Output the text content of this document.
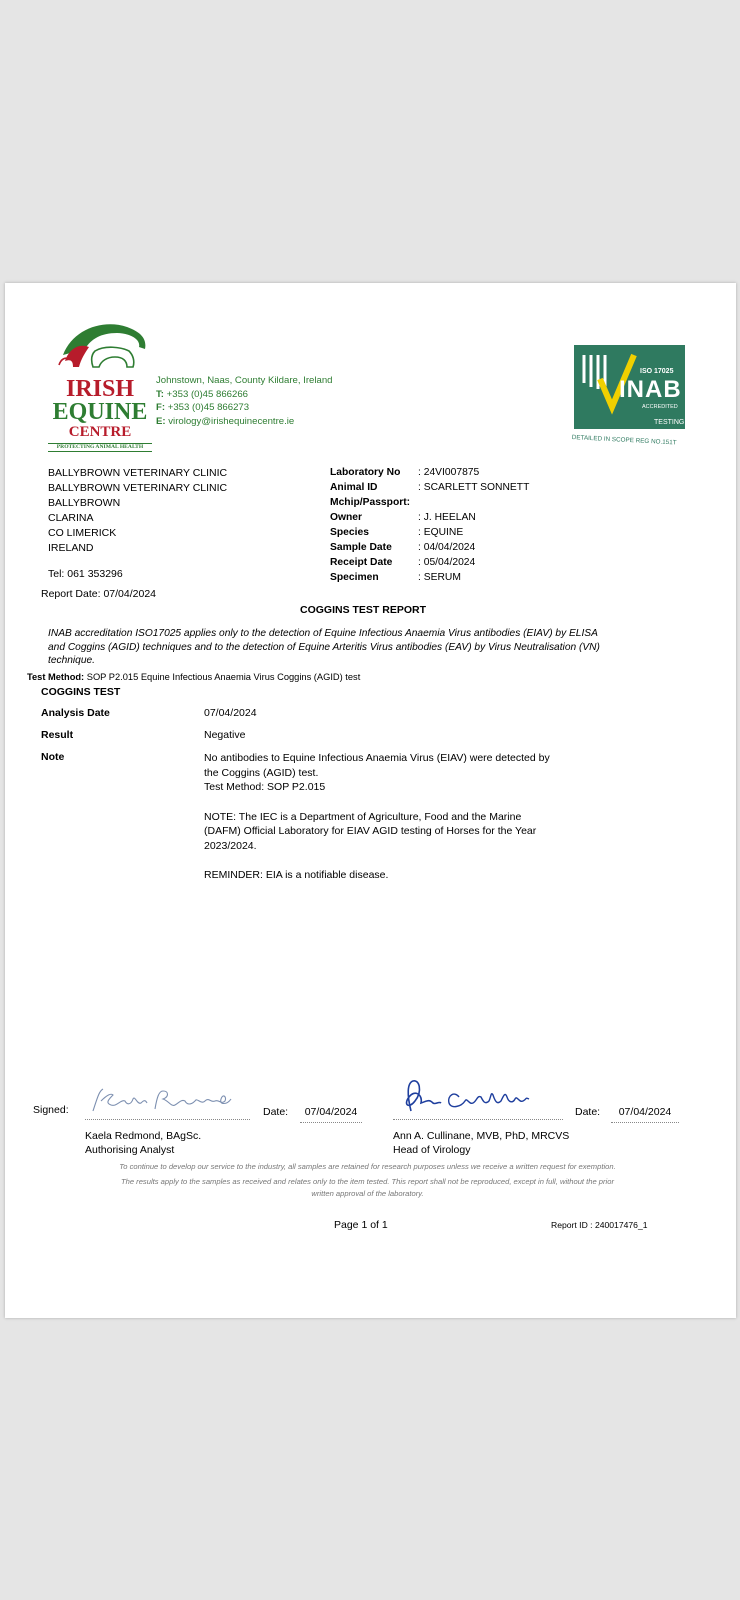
IRISH
EQUINE
CENTRE
PROTECTING ANIMAL HEALTH
Johnstown, Naas, County Kildare, Ireland
T: +353 (0)45 866266
F: +353 (0)45 866273
E: virology@irishequinecentre.ie
ISO 17025
INAB
ACCREDITED
TESTING
DETAILED IN SCOPE REG NO.151T
BALLYBROWN VETERINARY CLINIC
BALLYBROWN VETERINARY CLINIC
BALLYBROWN
CLARINA
CO LIMERICK
IRELAND
Tel: 061 353296
Laboratory No	: 24VI007875
Animal ID	: SCARLETT SONNETT
Mchip/Passport:
Owner	: J. HEELAN
Species	: EQUINE
Sample Date	: 04/04/2024
Receipt Date	: 05/04/2024
Specimen	: SERUM
Report Date: 07/04/2024
COGGINS TEST REPORT
INAB accreditation ISO17025 applies only to the detection of Equine Infectious Anaemia Virus antibodies (EIAV) by ELISA
and Coggins (AGID) techniques and to the detection of Equine Arteritis Virus antibodies (EAV) by Virus Neutralisation (VN)
technique.
Test Method: SOP P2.015 Equine Infectious Anaemia Virus Coggins (AGID) test
COGGINS TEST
Analysis Date	07/04/2024
Result	Negative
Note	No antibodies to Equine Infectious Anaemia Virus (EIAV) were detected by
the Coggins (AGID) test.
Test Method: SOP P2.015
NOTE: The IEC is a Department of Agriculture, Food and the Marine
(DAFM) Official Laboratory for EIAV AGID testing of Horses for the Year
2023/2024.
REMINDER: EIA is a notifiable disease.
Signed:	Date:	07/04/2024
Kaela Redmond, BAgSc.
Authorising Analyst
Date:	07/04/2024
Ann A. Cullinane, MVB, PhD, MRCVS
Head of Virology
To continue to develop our service to the industry, all samples are retained for research purposes unless we receive a written request for exemption.
The results apply to the samples as received and relates only to the item tested. This report shall not be reproduced, except in full, without the prior
written approval of the laboratory.
Page 1 of 1	Report ID : 240017476_1
